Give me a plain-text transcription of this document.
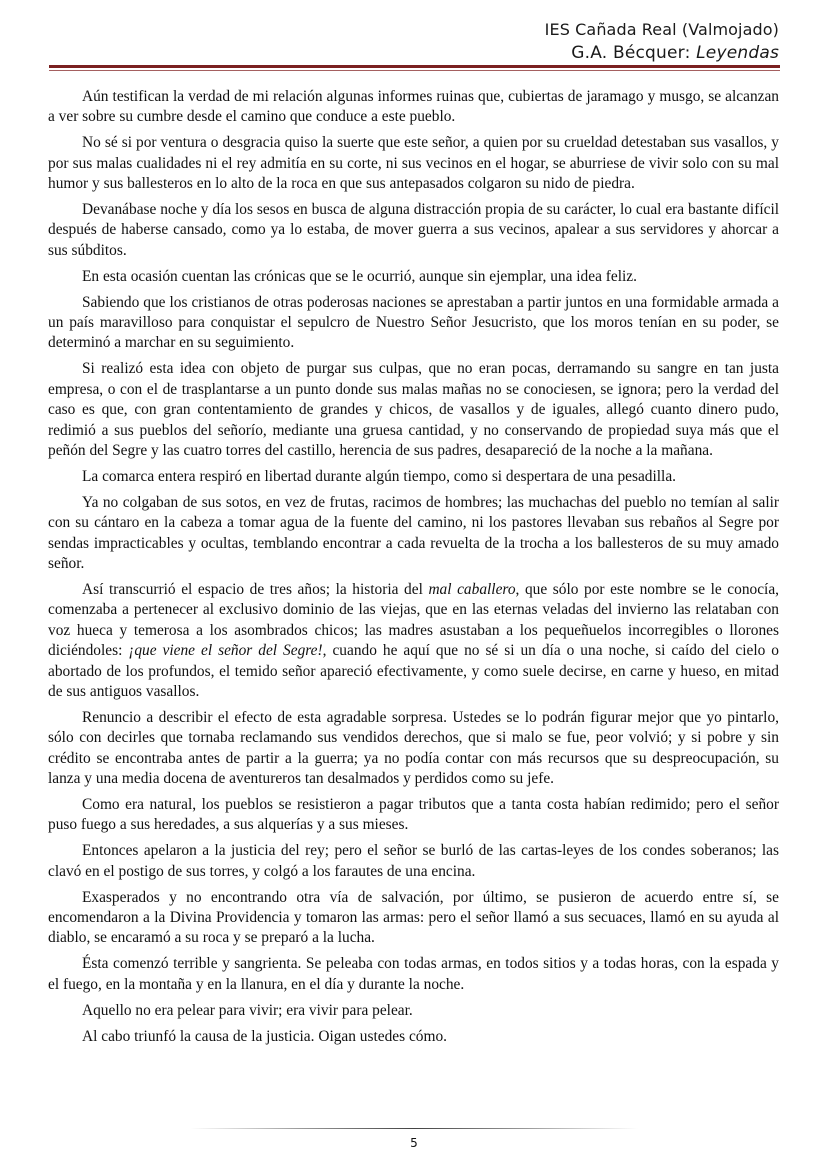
IES Cañada Real (Valmojado)
G.A. Bécquer: Leyendas

Aún testifican la verdad de mi relación algunas informes ruinas que, cubiertas de jaramago y musgo, se alcanzan a ver sobre su cumbre desde el camino que conduce a este pueblo.

No sé si por ventura o desgracia quiso la suerte que este señor, a quien por su crueldad detestaban sus vasallos, y por sus malas cualidades ni el rey admitía en su corte, ni sus vecinos en el hogar, se aburriese de vivir solo con su mal humor y sus ballesteros en lo alto de la roca en que sus antepasados colgaron su nido de piedra.

Devanábase noche y día los sesos en busca de alguna distracción propia de su carácter, lo cual era bastante difícil después de haberse cansado, como ya lo estaba, de mover guerra a sus vecinos, apalear a sus servidores y ahorcar a sus súbditos.

En esta ocasión cuentan las crónicas que se le ocurrió, aunque sin ejemplar, una idea feliz.

Sabiendo que los cristianos de otras poderosas naciones se aprestaban a partir juntos en una formidable armada a un país maravilloso para conquistar el sepulcro de Nuestro Señor Jesucristo, que los moros tenían en su poder, se determinó a marchar en su seguimiento.

Si realizó esta idea con objeto de purgar sus culpas, que no eran pocas, derramando su sangre en tan justa empresa, o con el de trasplantarse a un punto donde sus malas mañas no se conociesen, se ignora; pero la verdad del caso es que, con gran contentamiento de grandes y chicos, de vasallos y de iguales, allegó cuanto dinero pudo, redimió a sus pueblos del señorío, mediante una gruesa cantidad, y no conservando de propiedad suya más que el peñón del Segre y las cuatro torres del castillo, herencia de sus padres, desapareció de la noche a la mañana.

La comarca entera respiró en libertad durante algún tiempo, como si despertara de una pesadilla.

Ya no colgaban de sus sotos, en vez de frutas, racimos de hombres; las muchachas del pueblo no temían al salir con su cántaro en la cabeza a tomar agua de la fuente del camino, ni los pastores llevaban sus rebaños al Segre por sendas impracticables y ocultas, temblando encontrar a cada revuelta de la trocha a los ballesteros de su muy amado señor.

Así transcurrió el espacio de tres años; la historia del mal caballero, que sólo por este nombre se le conocía, comenzaba a pertenecer al exclusivo dominio de las viejas, que en las eternas veladas del invierno las relataban con voz hueca y temerosa a los asombrados chicos; las madres asustaban a los pequeñuelos incorregibles o llorones diciéndoles: ¡que viene el señor del Segre!, cuando he aquí que no sé si un día o una noche, si caído del cielo o abortado de los profundos, el temido señor apareció efectivamente, y como suele decirse, en carne y hueso, en mitad de sus antiguos vasallos.

Renuncio a describir el efecto de esta agradable sorpresa. Ustedes se lo podrán figurar mejor que yo pintarlo, sólo con decirles que tornaba reclamando sus vendidos derechos, que si malo se fue, peor volvió; y si pobre y sin crédito se encontraba antes de partir a la guerra; ya no podía contar con más recursos que su despreocupación, su lanza y una media docena de aventureros tan desalmados y perdidos como su jefe.

Como era natural, los pueblos se resistieron a pagar tributos que a tanta costa habían redimido; pero el señor puso fuego a sus heredades, a sus alquerías y a sus mieses.

Entonces apelaron a la justicia del rey; pero el señor se burló de las cartas-leyes de los condes soberanos; las clavó en el postigo de sus torres, y colgó a los farautes de una encina.

Exasperados y no encontrando otra vía de salvación, por último, se pusieron de acuerdo entre sí, se encomendaron a la Divina Providencia y tomaron las armas: pero el señor llamó a sus secuaces, llamó en su ayuda al diablo, se encaramó a su roca y se preparó a la lucha.

Ésta comenzó terrible y sangrienta. Se peleaba con todas armas, en todos sitios y a todas horas, con la espada y el fuego, en la montaña y en la llanura, en el día y durante la noche.

Aquello no era pelear para vivir; era vivir para pelear.

Al cabo triunfó la causa de la justicia. Oigan ustedes cómo.

5
